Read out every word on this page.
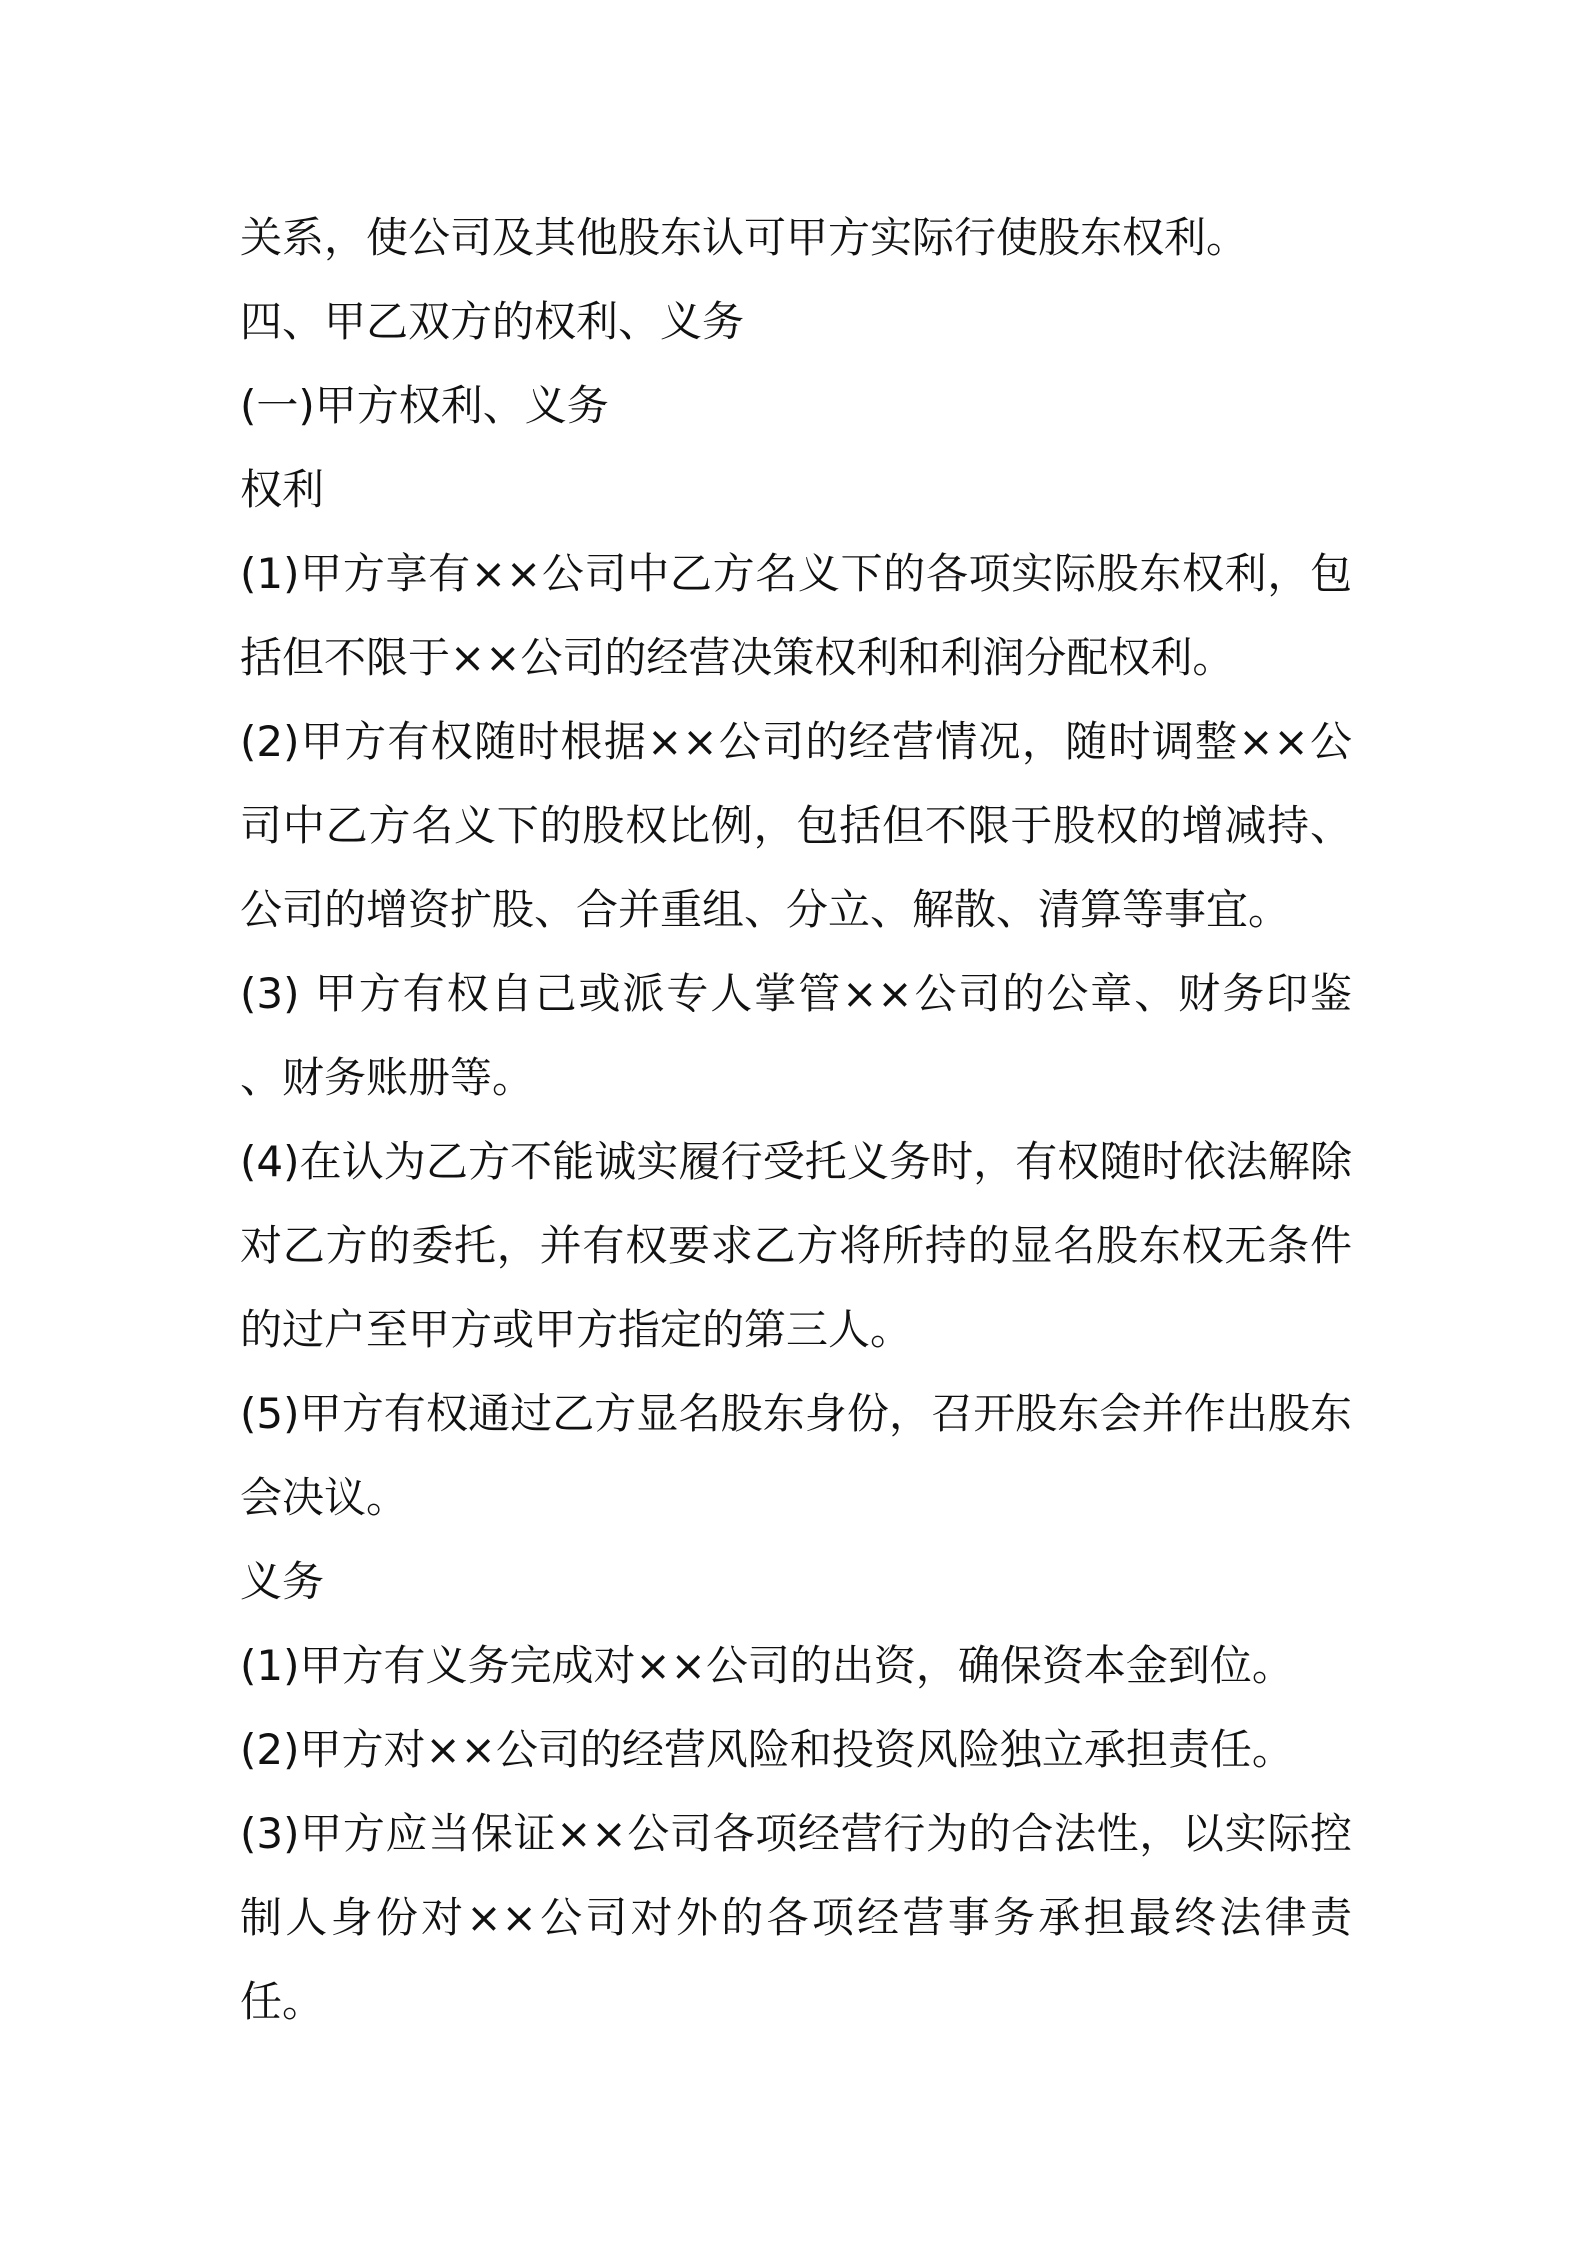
关系，使公司及其他股东认可甲方实际行使股东权利。
四、甲乙双方的权利、义务
(一)甲方权利、义务
权利
(1)甲方享有××公司中乙方名义下的各项实际股东权利，包
括但不限于××公司的经营决策权利和利润分配权利。
(2)甲方有权随时根据××公司的经营情况，随时调整××公
司中乙方名义下的股权比例，包括但不限于股权的增减持、
公司的增资扩股、合并重组、分立、解散、清算等事宜。
(3) 甲方有权自己或派专人掌管××公司的公章、财务印鉴
、财务账册等。
(4)在认为乙方不能诚实履行受托义务时，有权随时依法解除
对乙方的委托，并有权要求乙方将所持的显名股东权无条件
的过户至甲方或甲方指定的第三人。
(5)甲方有权通过乙方显名股东身份，召开股东会并作出股东
会决议。
义务
(1)甲方有义务完成对××公司的出资，确保资本金到位。
(2)甲方对××公司的经营风险和投资风险独立承担责任。
(3)甲方应当保证××公司各项经营行为的合法性，以实际控
制人身份对××公司对外的各项经营事务承担最终法律责
任。
